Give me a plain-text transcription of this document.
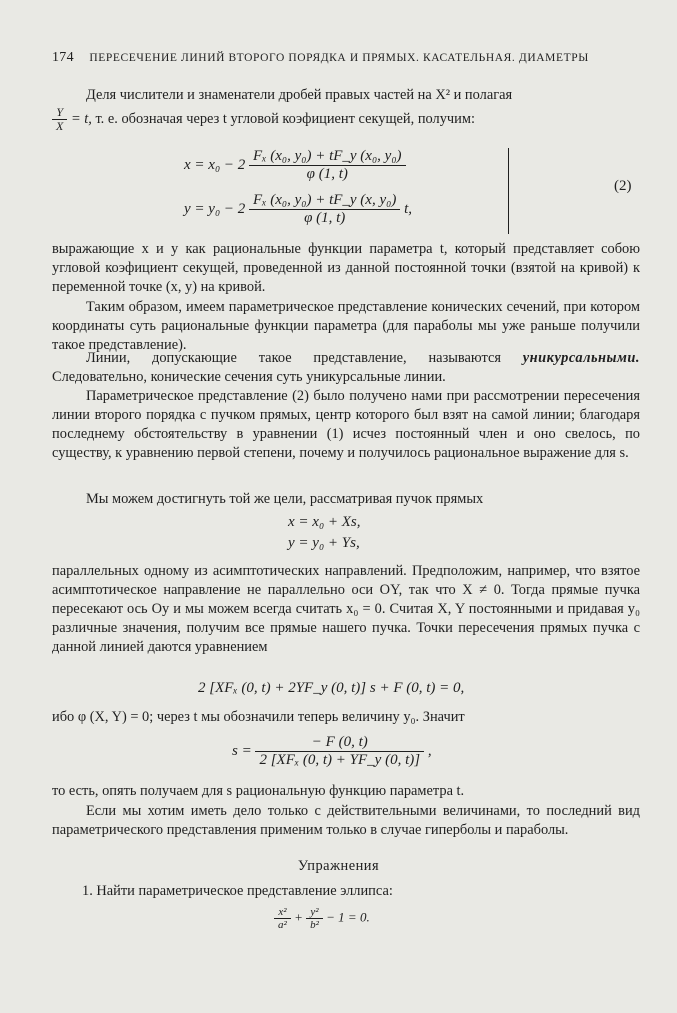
174 ПЕРЕСЕЧЕНИЕ ЛИНИЙ ВТОРОГО ПОРЯДКА И ПРЯМЫХ. КАСАТЕЛЬНАЯ. ДИАМЕТРЫ
Деля числители и знаменатели дробей правых частей на X² и полагая
$\frac{Y}{X} = t$, т. е. обозначая через t угловой коэфициент секущей, получим:
$x = x_0 - 2 \frac{\text{Fₓ (x₀, y₀) + tF\_y (x₀, y₀)}}{\varphi (1, t)}$
$y = y_0 - 2 \frac{\text{Fₓ (x₀, y₀) + tF\_y (x, y₀)}}{\varphi (1, t)} t$,
(2)
выражающие x и y как рациональные функции параметра t, который представляет собою угловой коэфициент секущей, проведенной из данной постоянной точки (взятой на кривой) к переменной точке (x, y) на кривой.
Таким образом, имеем параметрическое представление конических сечений, при котором координаты суть рациональные функции параметра (для параболы мы уже раньше получили такое представление).
Линии, допускающие такое представление, называются уникурсальными. Следовательно, конические сечения суть уникурсальные линии.
Параметрическое представление (2) было получено нами при рассмотрении пересечения линии второго порядка с пучком прямых, центр которого был взят на самой линии; благодаря последнему обстоятельству в уравнении (1) исчез постоянный член и оно свелось, по существу, к уравнению первой степени, почему и получилось рациональное выражение для s.
Мы можем достигнуть той же цели, рассматривая пучок прямых
x = x₀ + Xs,
y = y₀ + Ys,
параллельных одному из асимптотических направлений. Предположим, например, что взятое асимптотическое направление не параллельно оси OY, так что X ≠ 0. Тогда прямые пучка пересекают ось Oy и мы можем всегда считать x₀ = 0. Считая X, Y постоянными и придавая y₀ различные значения, получим все прямые нашего пучка. Точки пересечения прямых пучка с данной линией даются уравнением
2 [XFₓ (0, t) + 2YF_y (0, t)] s + F (0, t) = 0,
ибо φ (X, Y) = 0; через t мы обозначили теперь величину y₀. Значит
$s = \frac{- F (0, t)}{\text{2 [XFₓ (0, t) + YF\_y (0, t)]}}$ ,
то есть, опять получаем для s рациональную функцию параметра t.
Если мы хотим иметь дело только с действительными величинами, то последний вид параметрического представления применим только в случае гиперболы и параболы.
Упражнения
1. Найти параметрическое представление эллипса:
$\frac{\text{x²}}{\text{a²}} + \frac{\text{y²}}{\text{b²}} - 1 = 0$.
